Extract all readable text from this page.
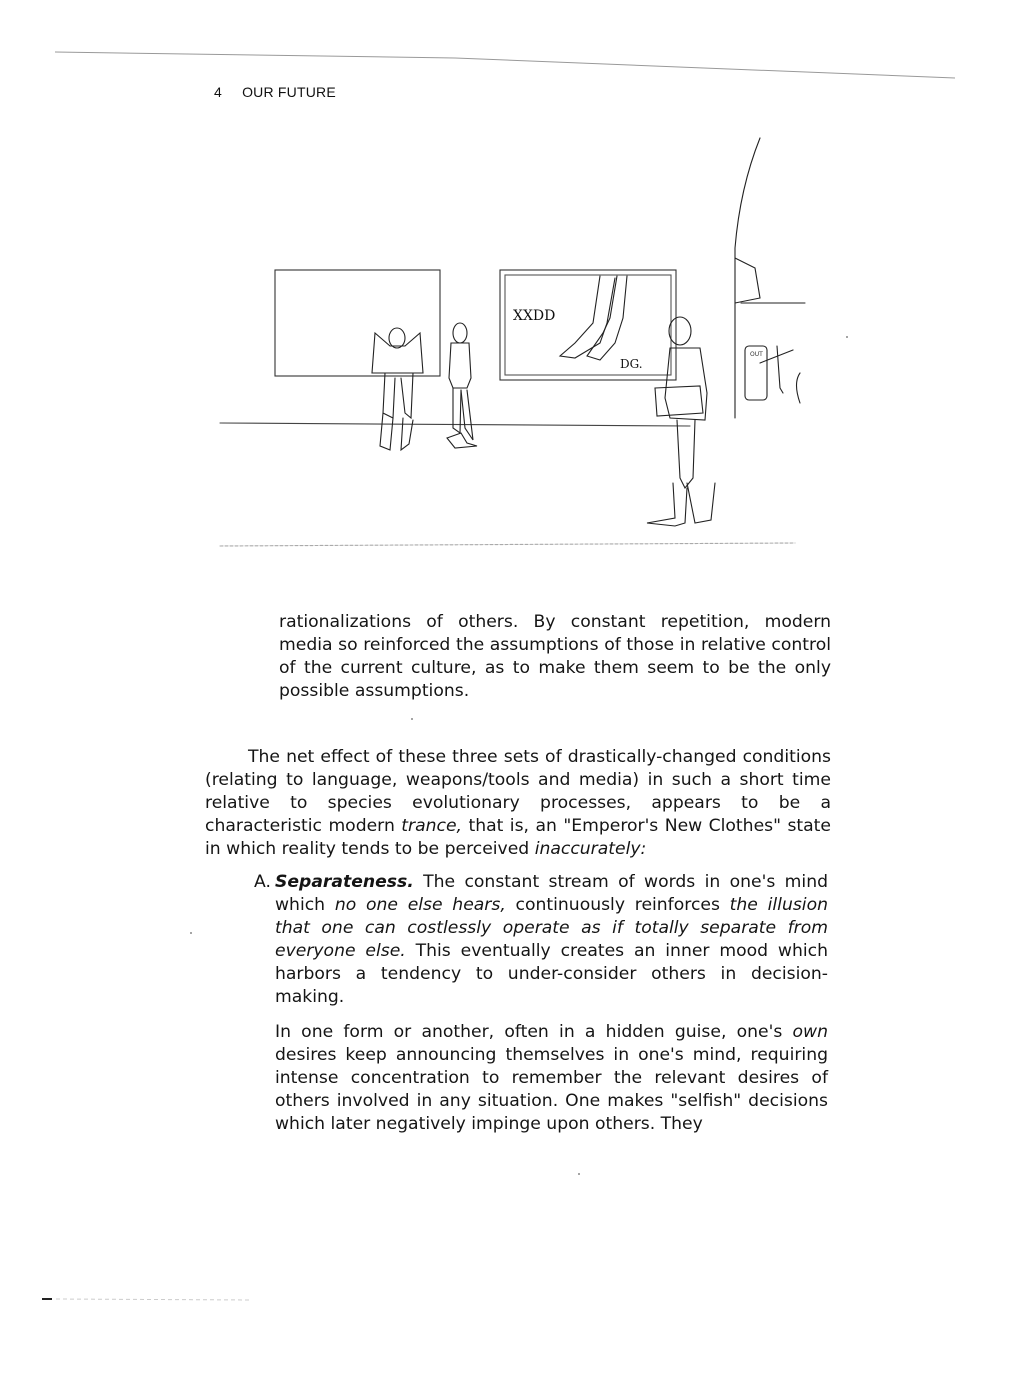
4 OUR FUTURE
XXDD
DG.
OUT

rationalizations of others. By constant repetition, modern media so reinforced the assumptions of those in relative control of the current culture, as to make them seem to be the only possible assumptions.

The net effect of these three sets of drastically-changed conditions (relating to language, weapons/tools and media) in such a short time relative to species evolutionary processes, appears to be a characteristic modern trance, that is, an "Emperor's New Clothes" state in which reality tends to be perceived inaccurately:

A. Separateness. The constant stream of words in one's mind which no one else hears, continuously reinforces the illusion that one can costlessly operate as if totally separate from everyone else. This eventually creates an inner mood which harbors a tendency to under-consider others in decision-making.

In one form or another, often in a hidden guise, one's own desires keep announcing themselves in one's mind, requiring intense concentration to remember the relevant desires of others involved in any situation. One makes "selfish" decisions which later negatively impinge upon others. They
